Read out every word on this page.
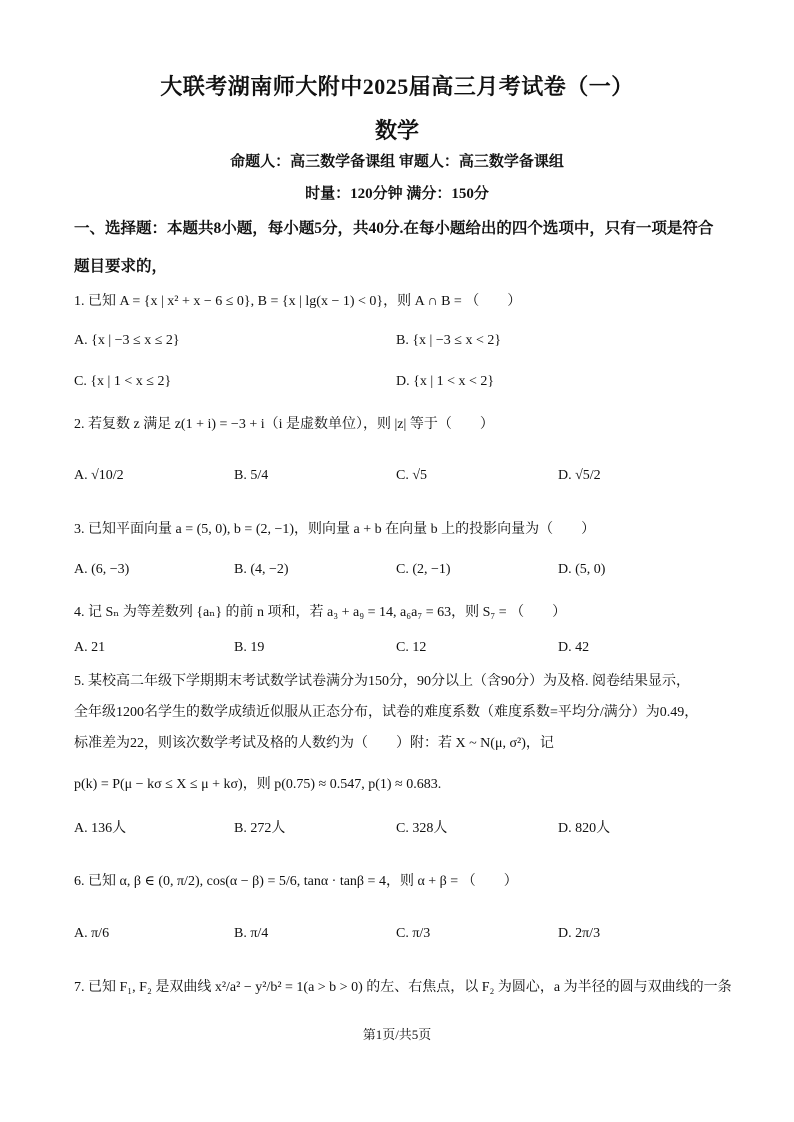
大联考湖南师大附中2025届高三月考试卷（一）
数学
命题人：高三数学备课组 审题人：高三数学备课组
时量：120分钟 满分：150分
一、选择题：本题共8小题，每小题5分，共40分.在每小题给出的四个选项中，只有一项是符合题目要求的，
1. 已知 A = {x | x² + x − 6 ≤ 0}, B = {x | lg(x − 1) < 0}，则 A ∩ B = （　　）
A. {x | −3 ≤ x ≤ 2}	B. {x | −3 ≤ x < 2}
C. {x | 1 < x ≤ 2}	D. {x | 1 < x < 2}
2. 若复数 z 满足 z(1 + i) = −3 + i（i 是虚数单位），则 |z| 等于（　　）
A. √10/2	B. 5/4	C. √5	D. √5/2
3. 已知平面向量 a = (5, 0), b = (2, −1)，则向量 a + b 在向量 b 上的投影向量为（　　）
A. (6, −3)	B. (4, −2)	C. (2, −1)	D. (5, 0)
4. 记 Sₙ 为等差数列 {aₙ} 的前 n 项和，若 a₃ + a₉ = 14, a₆a₇ = 63，则 S₇ = （　　）
A. 21	B. 19	C. 12	D. 42
5. 某校高二年级下学期期末考试数学试卷满分为150分，90分以上（含90分）为及格. 阅卷结果显示，
全年级1200名学生的数学成绩近似服从正态分布，试卷的难度系数（难度系数=平均分/满分）为0.49，
标准差为22，则该次数学考试及格的人数约为（　　）附：若 X ~ N(μ, σ²)，记
p(k) = P(μ − kσ ≤ X ≤ μ + kσ)，则 p(0.75) ≈ 0.547, p(1) ≈ 0.683.
A. 136人	B. 272人	C. 328人	D. 820人
6. 已知 α, β ∈ (0, π/2), cos(α − β) = 5/6, tanα · tanβ = 4，则 α + β = （　　）
A. π/6	B. π/4	C. π/3	D. 2π/3
7. 已知 F₁, F₂ 是双曲线 x²/a² − y²/b² = 1(a > b > 0) 的左、右焦点，以 F₂ 为圆心，a 为半径的圆与双曲线的一条
第1页/共5页
